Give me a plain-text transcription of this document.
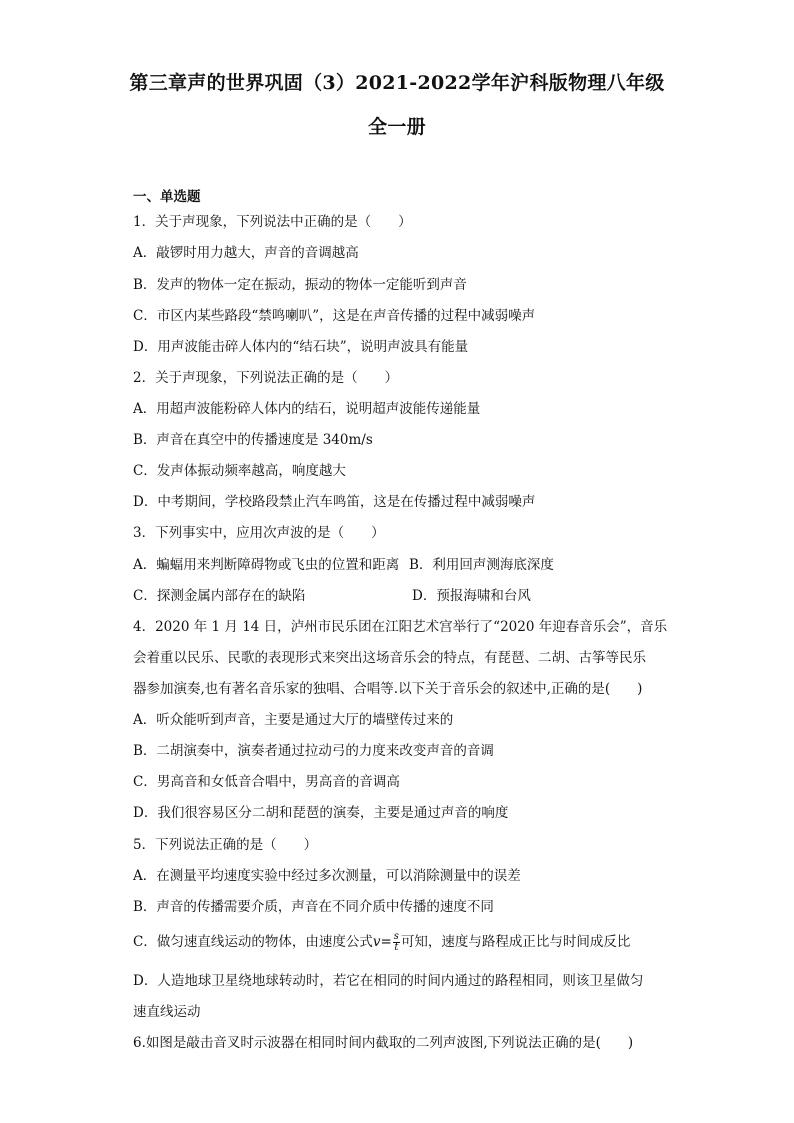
第三章声的世界巩固（3）2021-2022学年沪科版物理八年级
全一册
一、单选题
1．关于声现象，下列说法中正确的是（　　）
A．敲锣时用力越大，声音的音调越高
B．发声的物体一定在振动，振动的物体一定能听到声音
C．市区内某些路段“禁鸣喇叭”，这是在声音传播的过程中减弱噪声
D．用声波能击碎人体内的“结石块”，说明声波具有能量
2．关于声现象，下列说法正确的是（　　）
A．用超声波能粉碎人体内的结石，说明超声波能传递能量
B．声音在真空中的传播速度是 340m/s
C．发声体振动频率越高，响度越大
D．中考期间，学校路段禁止汽车鸣笛，这是在传播过程中减弱噪声
3．下列事实中，应用次声波的是（　　）
A．蝙蝠用来判断障碍物或飞虫的位置和距离 B．利用回声测海底深度
C．探测金属内部存在的缺陷	D．预报海啸和台风
4．2020 年 1 月 14 日，泸州市民乐团在江阳艺术宫举行了“2020 年迎春音乐会”，音乐
会着重以民乐、民歌的表现形式来突出这场音乐会的特点，有琵琶、二胡、古筝等民乐
器参加演奏,也有著名音乐家的独唱、合唱等.以下关于音乐会的叙述中,正确的是(　　)
A．听众能听到声音，主要是通过大厅的墙壁传过来的
B．二胡演奏中，演奏者通过拉动弓的力度来改变声音的音调
C．男高音和女低音合唱中，男高音的音调高
D．我们很容易区分二胡和琵琶的演奏，主要是通过声音的响度
5．下列说法正确的是（　　）
A．在测量平均速度实验中经过多次测量，可以消除测量中的误差
B．声音的传播需要介质，声音在不同介质中传播的速度不同
C．做匀速直线运动的物体，由速度公式$v= \frac{s}{t}$ 可知，速度与路程成正比与时间成反比
D．人造地球卫星绕地球转动时，若它在相同的时间内通过的路程相同，则该卫星做匀
速直线运动
6.如图是敲击音叉时示波器在相同时间内截取的二列声波图,下列说法正确的是(　　)
